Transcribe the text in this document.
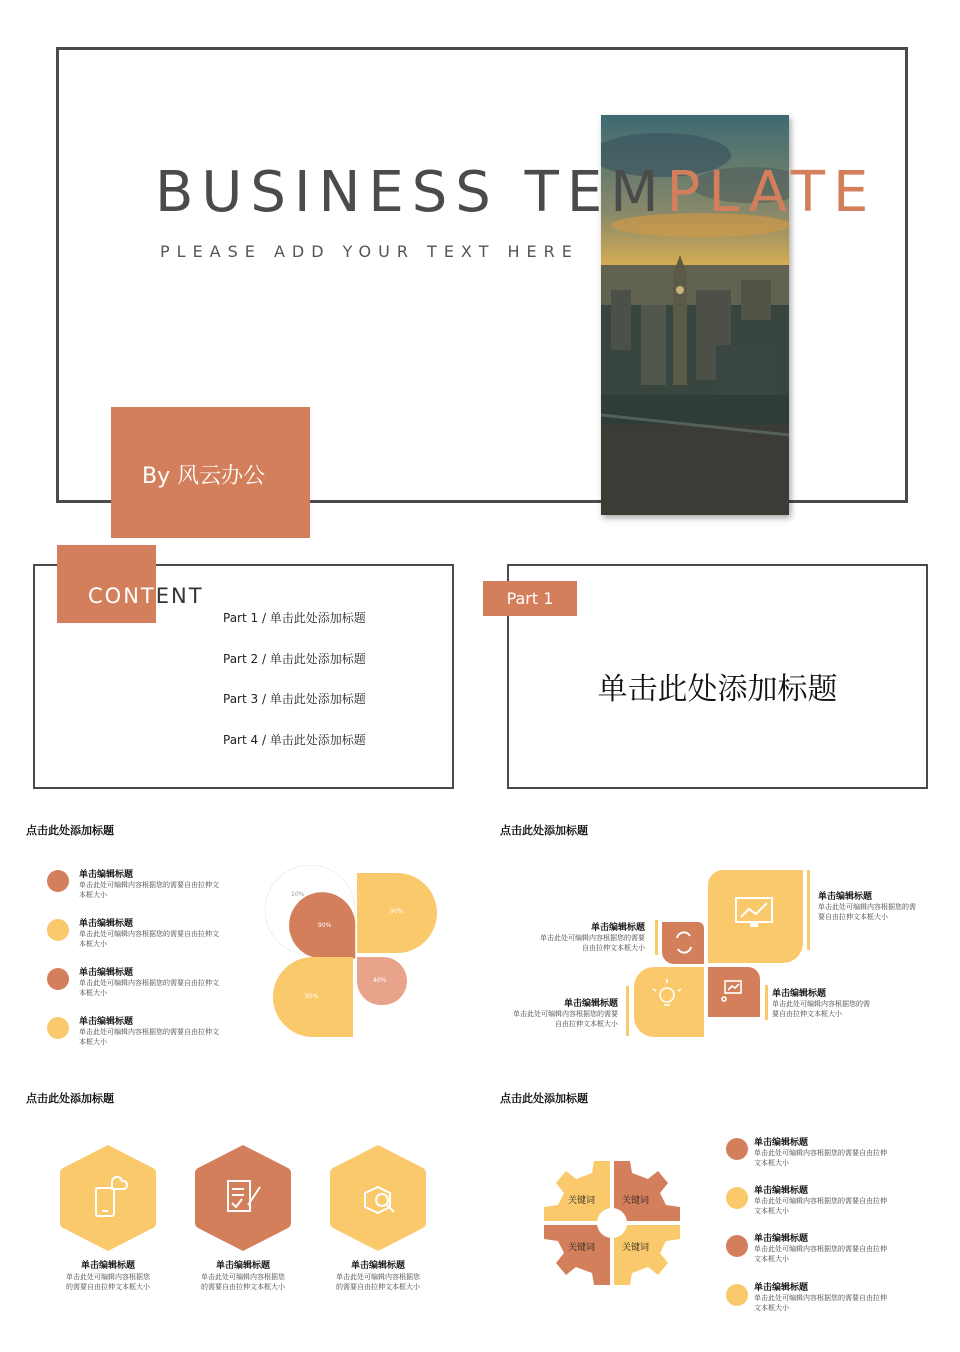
BUSINESS TEMPLATE
PLEASE ADD YOUR TEXT HERE
By 风云办公
CONTENT
Part 1 / 单击此处添加标题
Part 2 / 单击此处添加标题
Part 3 / 单击此处添加标题
Part 4 / 单击此处添加标题
Part 1
单击此处添加标题
点击此处添加标题
单击编辑标题
单击此处可编辑内容根据您的需要自由拉伸文本框大小
单击编辑标题
单击此处可编辑内容根据您的需要自由拉伸文本框大小
单击编辑标题
单击此处可编辑内容根据您的需要自由拉伸文本框大小
单击编辑标题
单击此处可编辑内容根据您的需要自由拉伸文本框大小
10%
90%
90%
40%
95%
点击此处添加标题
单击编辑标题
单击此处可编辑内容根据您的需要自由拉伸文本框大小
单击编辑标题
单击此处可编辑内容根据您的需要自由拉伸文本框大小
单击编辑标题
单击此处可编辑内容根据您的需要自由拉伸文本框大小
单击编辑标题
单击此处可编辑内容根据您的需要自由拉伸文本框大小
点击此处添加标题
单击编辑标题
单击此处可编辑内容根据您的需要自由拉伸文本框大小
单击编辑标题
单击此处可编辑内容根据您的需要自由拉伸文本框大小
单击编辑标题
单击此处可编辑内容根据您的需要自由拉伸文本框大小
点击此处添加标题
关键词	关键词
关键词	关键词
单击编辑标题
单击此处可编辑内容根据您的需要自由拉伸文本框大小
单击编辑标题
单击此处可编辑内容根据您的需要自由拉伸文本框大小
单击编辑标题
单击此处可编辑内容根据您的需要自由拉伸文本框大小
单击编辑标题
单击此处可编辑内容根据您的需要自由拉伸文本框大小
